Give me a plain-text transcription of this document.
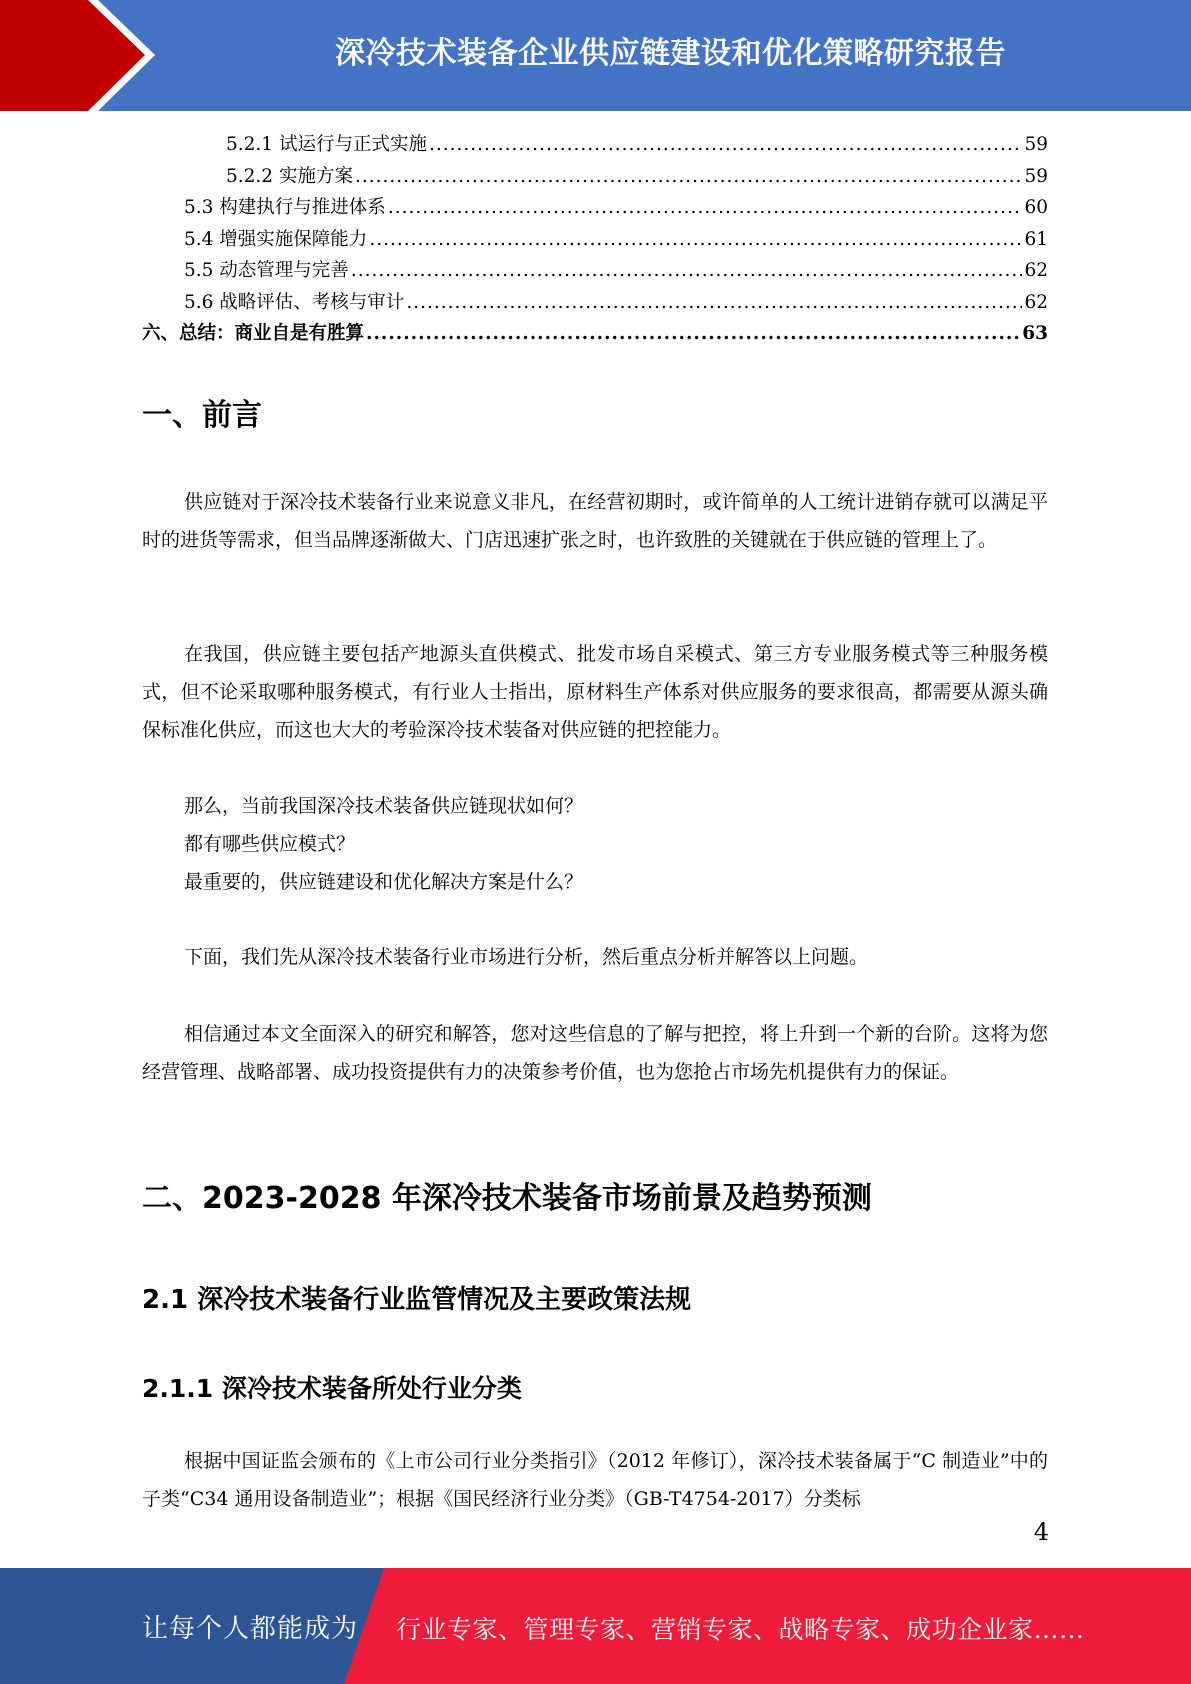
深冷技术装备企业供应链建设和优化策略研究报告
5.2.1 试运行与正式实施 .....	59
5.2.2 实施方案 .....	59
5.3 构建执行与推进体系 .....	60
5.4 增强实施保障能力 .....	61
5.5 动态管理与完善 .....	62
5.6 战略评估、考核与审计 .....	62
六、总结：商业自是有胜算 .....	63
一、前言

供应链对于深冷技术装备行业来说意义非凡，在经营初期时，或许简单的人工统计进销存就可以满足平时的进货等需求，但当品牌逐渐做大、门店迅速扩张之时，也许致胜的关键就在于供应链的管理上了。

在我国，供应链主要包括产地源头直供模式、批发市场自采模式、第三方专业服务模式等三种服务模式，但不论采取哪种服务模式，有行业人士指出，原材料生产体系对供应服务的要求很高，都需要从源头确保标准化供应，而这也大大的考验深冷技术装备对供应链的把控能力。

那么，当前我国深冷技术装备供应链现状如何？
都有哪些供应模式？
最重要的，供应链建设和优化解决方案是什么？

下面，我们先从深冷技术装备行业市场进行分析，然后重点分析并解答以上问题。

相信通过本文全面深入的研究和解答，您对这些信息的了解与把控，将上升到一个新的台阶。这将为您经营管理、战略部署、成功投资提供有力的决策参考价值，也为您抢占市场先机提供有力的保证。

二、2023-2028 年深冷技术装备市场前景及趋势预测
2.1 深冷技术装备行业监管情况及主要政策法规
2.1.1 深冷技术装备所处行业分类

根据中国证监会颁布的《上市公司行业分类指引》（2012 年修订），深冷技术装备属于“C 制造业”中的子类“C34 通用设备制造业”；根据《国民经济行业分类》（GB-T4754-2017）分类标

4
让每个人都能成为 行业专家、管理专家、营销专家、战略专家、成功企业家……
